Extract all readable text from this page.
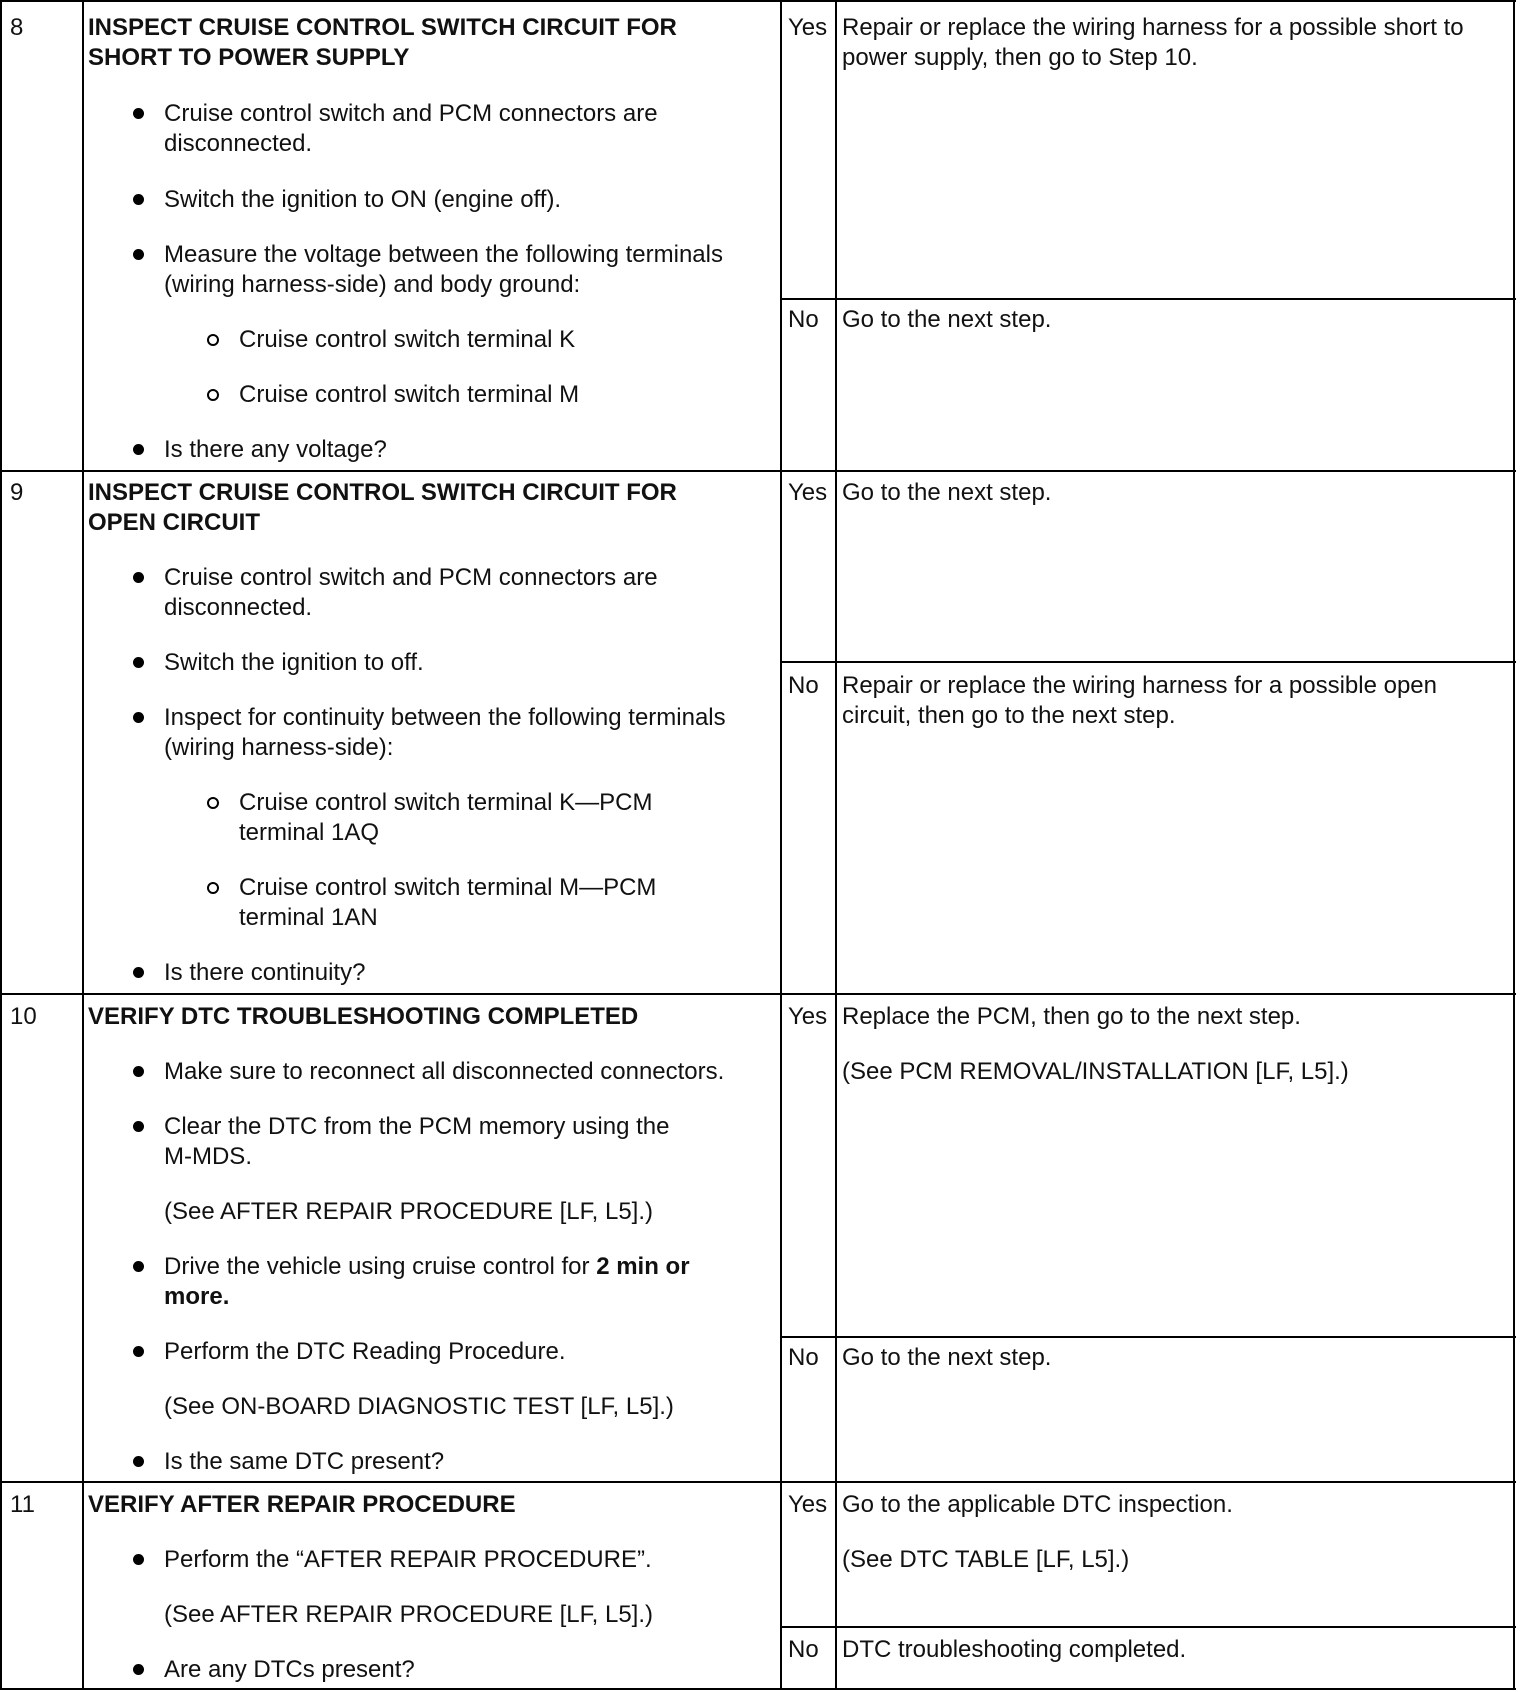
8	INSPECT CRUISE CONTROL SWITCH CIRCUIT FOR
SHORT TO POWER SUPPLY
Cruise control switch and PCM connectors are
disconnected.
Switch the ignition to ON (engine off).
Measure the voltage between the following terminals
(wiring harness-side) and body ground:
Cruise control switch terminal K
Cruise control switch terminal M
Is there any voltage?
Yes Repair or replace the wiring harness for a possible short to
power supply, then go to Step 10.
No Go to the next step.
9	INSPECT CRUISE CONTROL SWITCH CIRCUIT FOR
OPEN CIRCUIT
Cruise control switch and PCM connectors are
disconnected.
Switch the ignition to off.
Inspect for continuity between the following terminals
(wiring harness-side):
Cruise control switch terminal K—PCM
terminal 1AQ
Cruise control switch terminal M—PCM
terminal 1AN
Is there continuity?
Yes Go to the next step.
No Repair or replace the wiring harness for a possible open
circuit, then go to the next step.
10 VERIFY DTC TROUBLESHOOTING COMPLETED
Make sure to reconnect all disconnected connectors.
Clear the DTC from the PCM memory using the
M-MDS.
(See AFTER REPAIR PROCEDURE [LF, L5].)
Drive the vehicle using cruise control for 2 min or
more.
Perform the DTC Reading Procedure.
(See ON-BOARD DIAGNOSTIC TEST [LF, L5].)
Is the same DTC present?
Yes Replace the PCM, then go to the next step.
(See PCM REMOVAL/INSTALLATION [LF, L5].)
No Go to the next step.
11 VERIFY AFTER REPAIR PROCEDURE
Perform the “AFTER REPAIR PROCEDURE”.
(See AFTER REPAIR PROCEDURE [LF, L5].)
Are any DTCs present?
Yes Go to the applicable DTC inspection.
(See DTC TABLE [LF, L5].)
No DTC troubleshooting completed.
